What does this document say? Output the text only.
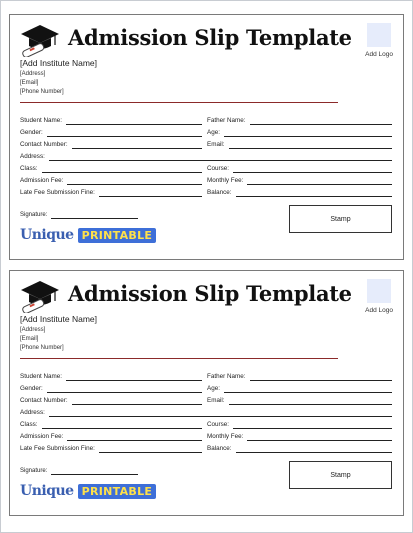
Admission Slip Template
Add Logo
[Add Institute Name]
[Address]
[Email]
[Phone Number]
Student Name:	Father Name:
Gender:	Age:
Contact Number:	Email:
Address:
Class:	Course:
Admission Fee:	Monthly Fee:
Late Fee Submission Fine:	Balance:
Signature:
Stamp
Unique PRINTABLE
Admission Slip Template
Add Logo
[Add Institute Name]
[Address]
[Email]
[Phone Number]
Student Name:	Father Name:
Gender:	Age:
Contact Number:	Email:
Address:
Class:	Course:
Admission Fee:	Monthly Fee:
Late Fee Submission Fine:	Balance:
Signature:
Stamp
Unique PRINTABLE
